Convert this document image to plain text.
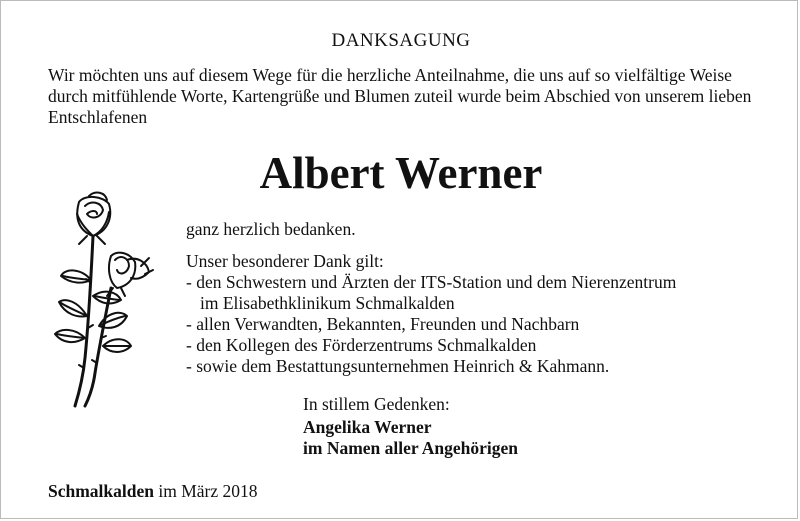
DANKSAGUNG
Wir möchten uns auf diesem Wege für die herzliche Anteilnahme, die uns auf so vielfältige Weise durch mitfühlende Worte, Kartengrüße und Blumen zuteil wurde beim Abschied von unserem lieben Entschlafenen
Albert Werner
ganz herzlich bedanken.
Unser besonderer Dank gilt:
- den Schwestern und Ärzten der ITS-Station und dem Nierenzentrum
im Elisabethklinikum Schmalkalden
- allen Verwandten, Bekannten, Freunden und Nachbarn
- den Kollegen des Förderzentrums Schmalkalden
- sowie dem Bestattungsunternehmen Heinrich & Kahmann.
In stillem Gedenken:
Angelika Werner
im Namen aller Angehörigen
Schmalkalden im März 2018
